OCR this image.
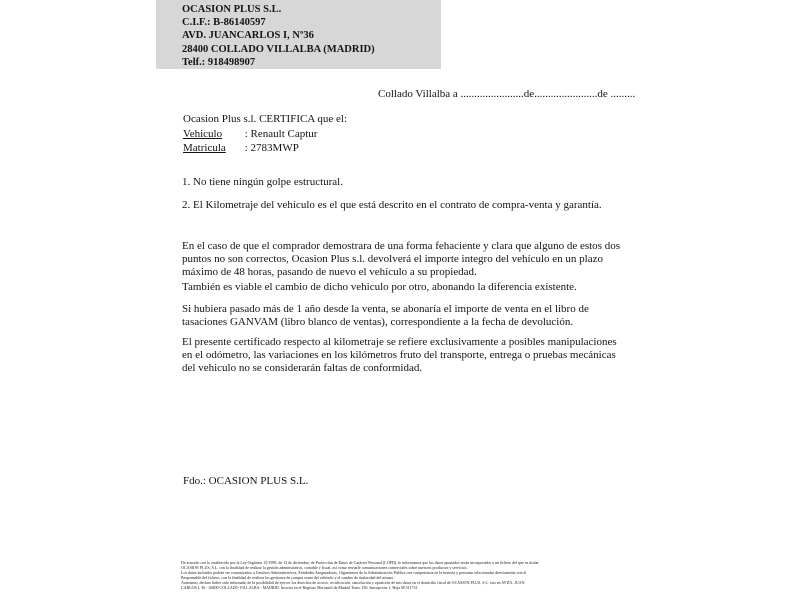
OCASION PLUS S.L.
C.I.F.: B-86140597
AVD. JUANCARLOS I, Nº36
28400 COLLADO VILLALBA (MADRID)
Telf.: 918498907
Collado Villalba a .......................de.......................de .........
Ocasion Plus s.l. CERTIFICA que el:
Vehiculo : Renault Captur
Matricula : 2783MWP
1. No tiene ningún golpe estructural.
2. El Kilometraje del vehículo es el que está descrito en el contrato de compra-venta y garantía.
En el caso de que el comprador demostrara de una forma fehaciente y clara que alguno de estos dos puntos no son correctos, Ocasion Plus s.l. devolverá el importe integro del vehículo en un plazo máximo de 48 horas, pasando de nuevo el vehículo a su propiedad.
También es viable el cambio de dicho vehiculo por otro, abonando la diferencia existente.
Si hubiera pasado más de 1 año desde la venta, se abonaría el importe de venta en el libro de tasaciones GANVAM (libro blanco de ventas), correspondiente a la fecha de devolución.
El presente certificado respecto al kilometraje se refiere exclusivamente a posibles manipulaciones en el odómetro, las variaciones en los kilómetros fruto del transporte, entrega o pruebas mecánicas del vehiculo no se considerarán faltas de conformidad.
Fdo.: OCASION PLUS S.L.
De acuerdo con lo establecido por la Ley Orgánica 15/1999, de 13 de diciembre, de Protección de Datos de Carácter Personal (LOPD), le informamos que los datos aportados serán incorporados a un fichero del que es titular
OCASIÓN PLUS, S.L. con la finalidad de realizar la gestión administrativa, contable y fiscal, así como enviarle comunicaciones comerciales sobre nuestros productos y servicios.
Los datos incluidos podrán ser comunicados a Gestores Administrativos, Entidades Aseguradoras, Organismos de la Administración Pública con competencia en la materia y personas relacionadas directamente con el
Responsable del fichero, con la finalidad de realizar las gestiones de compra venta del vehículo y el cambio de titularidad del mismo.
Asimismo, declaro haber sido informado de la posibilidad de ejercer los derechos de acceso, rectificación, cancelación y oposición de mis datos en el domicilio fiscal de OCASIÓN PLUS, S.L. sito en AVDA. JUAN
CARLOS I, 36 - 28400 COLLADO VILLALBA - MADRID. Inscrita en el Registro Mercantil de Madrid Tomo 150, Inscripción 1, Hoja M 511731.
